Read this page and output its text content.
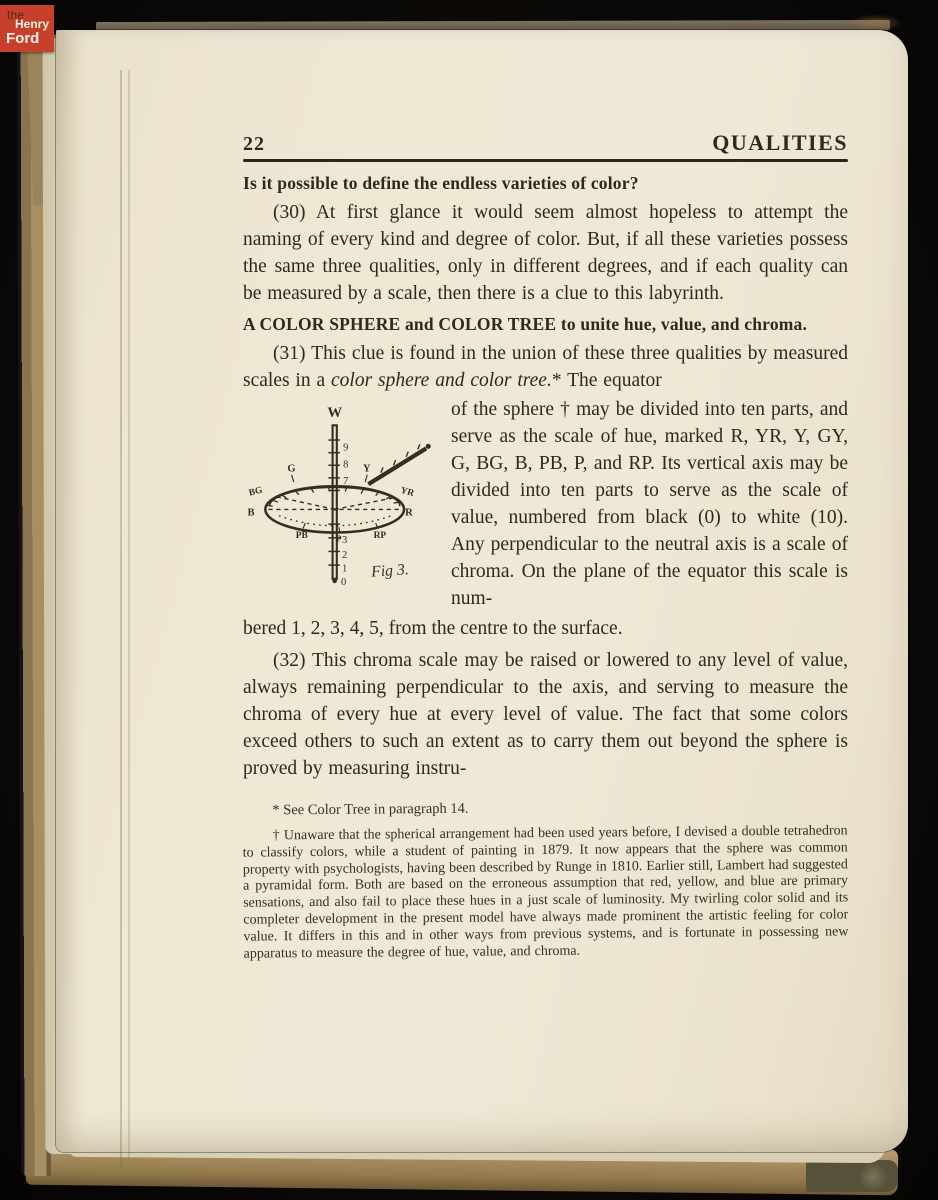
22	QUALITIES
Is it possible to define the endless varieties of color?

(30) At first glance it would seem almost hopeless to attempt the naming of every kind and degree of color. But, if all these varieties possess the same three qualities, only in different degrees, and if each quality can be measured by a scale, then there is a clue to this labyrinth.

A COLOR SPHERE and COLOR TREE to unite hue, value, and chroma.

(31) This clue is found in the union of these three qualities by measured scales in a color sphere and color tree.* The equator

W
9
8
7
3
2
1
0
G
BG
B
Y
YR
R
PB	P	RP
Fig 3.

of the sphere † may be divided into ten parts, and serve as the scale of hue, marked R, YR, Y, GY, G, BG, B, PB, P, and RP. Its vertical axis may be divided into ten parts to serve as the scale of value, numbered from black (0) to white (10). Any perpendicular to the neutral axis is a scale of chroma. On the plane of the equator this scale is num-

bered 1, 2, 3, 4, 5, from the centre to the surface.

(32) This chroma scale may be raised or lowered to any level of value, always remaining perpendicular to the axis, and serving to measure the chroma of every hue at every level of value. The fact that some colors exceed others to such an extent as to carry them out beyond the sphere is proved by measuring instru-

* See Color Tree in paragraph 14.

† Unaware that the spherical arrangement had been used years before, I devised a double tetrahedron to classify colors, while a student of painting in 1879. It now appears that the sphere was common property with psychologists, having been described by Runge in 1810. Earlier still, Lambert had suggested a pyramidal form. Both are based on the erroneous assumption that red, yellow, and blue are primary sensations, and also fail to place these hues in a just scale of luminosity. My twirling color solid and its completer development in the present model have always made prominent the artistic feeling for color value. It differs in this and in other ways from previous systems, and is fortunate in possessing new apparatus to measure the degree of hue, value, and chroma.

the
Henry
Ford
